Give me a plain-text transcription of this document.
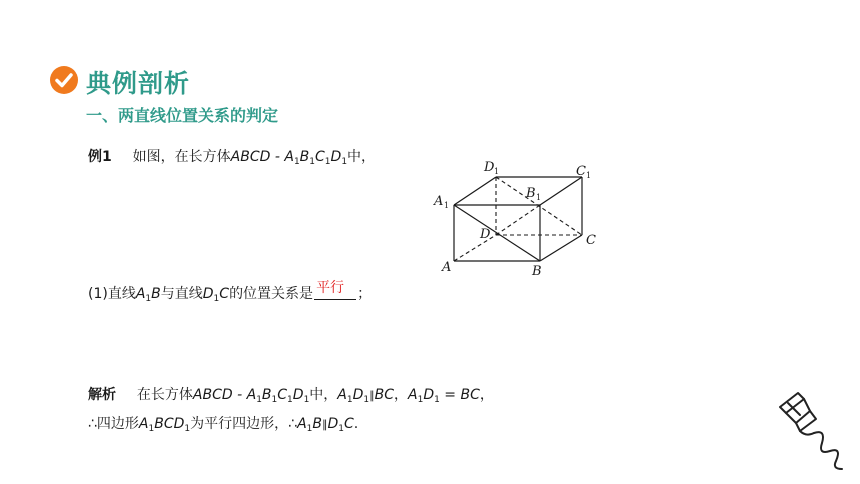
典例剖析
一、两直线位置关系的判定
例1 如图，在长方体ABCD - $A_1B_1C_1D_1$中，
A	B
C
D
A
B
C
D
1
1
1
1
(1)直线$A_1B$与直线$D_1C$的位置关系是 平行 ；
解析 在长方体ABCD - $A_1B_1C_1D_1$中，$A_1D_1\parallel BC$，$A_1D_1$ = BC，
∴四边形$A_1BCD_1$为平行四边形，$\therefore A_1B\parallel D_1C$.
